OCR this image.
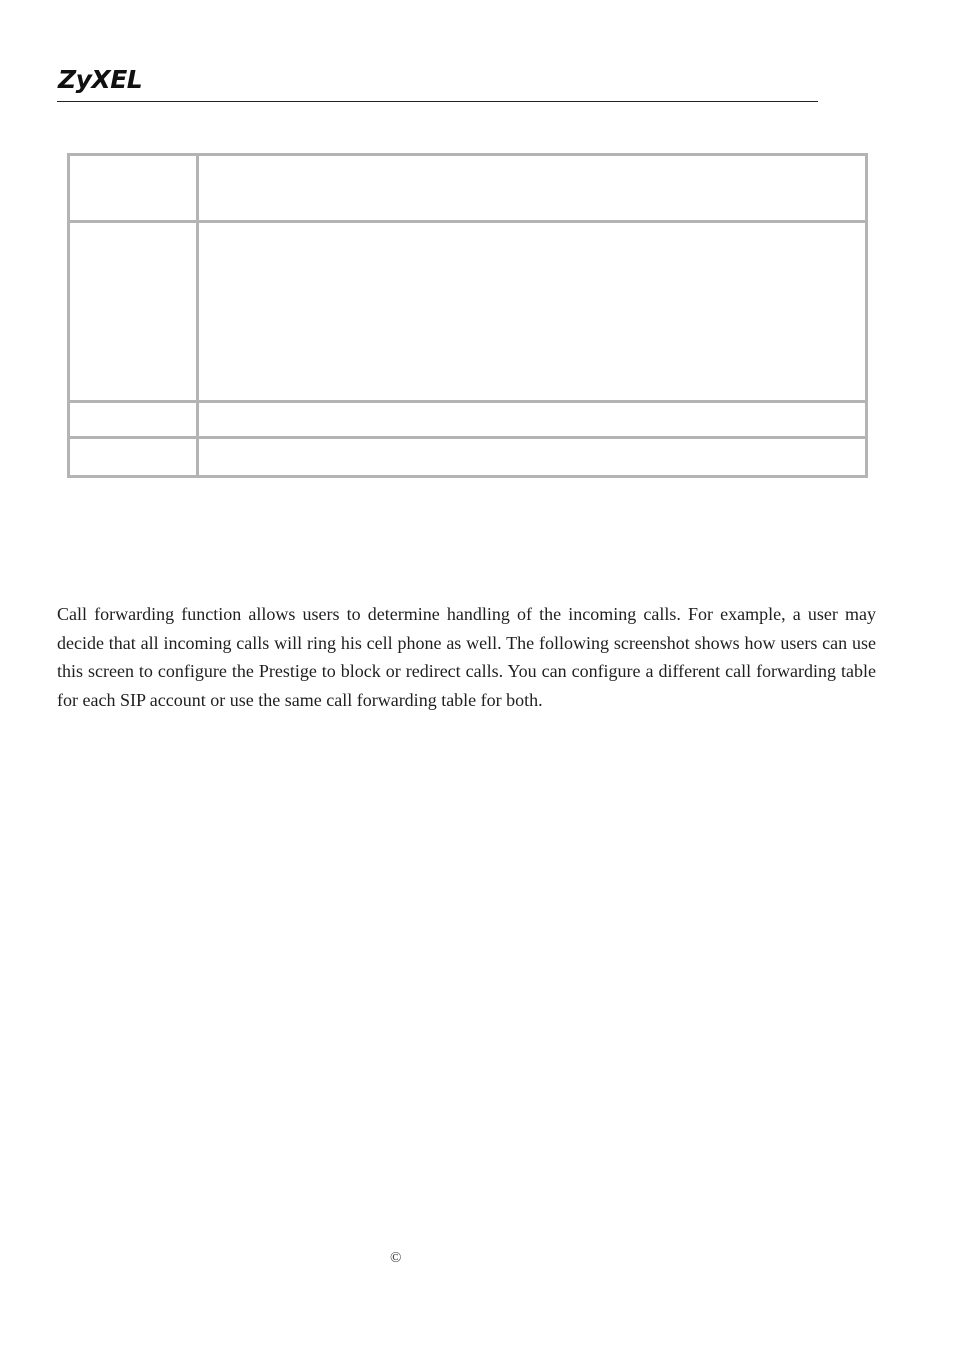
ZyXEL

Call forwarding function allows users to determine handling of the incoming calls. For example, a user may decide that all incoming calls will ring his cell phone as well. The following screenshot shows how users can use this screen to configure the Prestige to block or redirect calls. You can configure a different call forwarding table for each SIP account or use the same call forwarding table for both.

©
